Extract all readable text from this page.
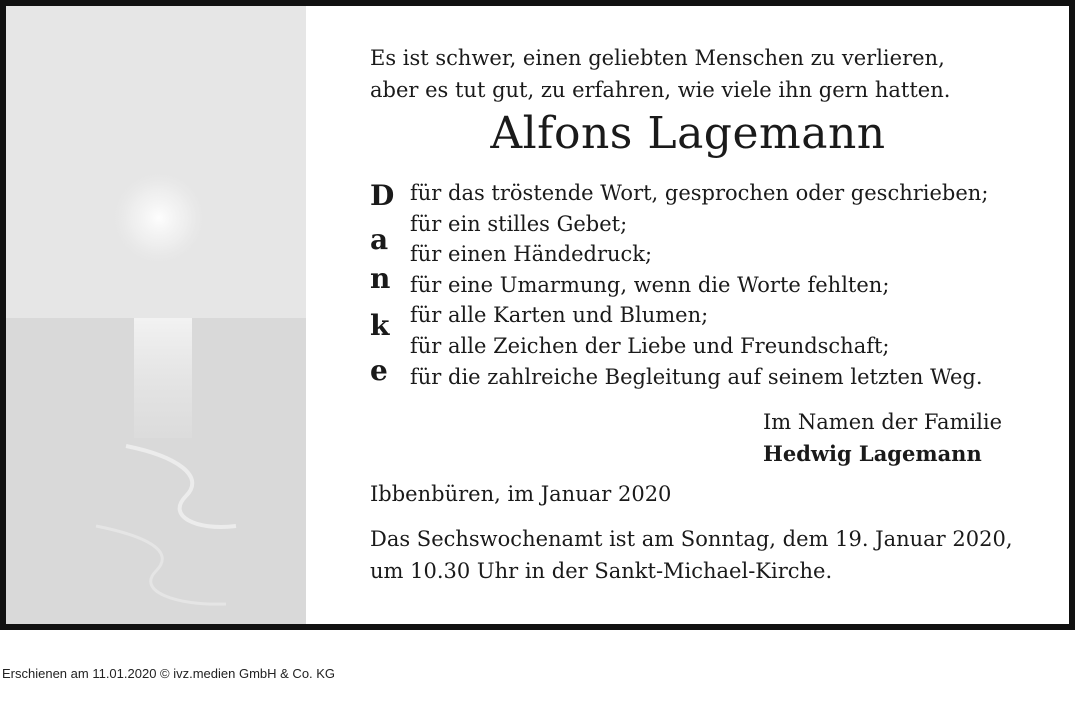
Es ist schwer, einen geliebten Menschen zu verlieren,
aber es tut gut, zu erfahren, wie viele ihn gern hatten.

Alfons Lagemann
D für das tröstende Wort, gesprochen oder geschrieben;
für ein stilles Gebet;
a für einen Händedruck;
n für eine Umarmung, wenn die Worte fehlten;
für alle Karten und Blumen;
k
für alle Zeichen der Liebe und Freundschaft;
e für die zahlreiche Begleitung auf seinem letzten Weg.
Im Namen der Familie
Hedwig Lagemann
Ibbenbüren, im Januar 2020
Das Sechswochenamt ist am Sonntag, dem 19. Januar 2020,
um 10.30 Uhr in der Sankt-Michael-Kirche.
Erschienen am 11.01.2020 © ivz.medien GmbH & Co. KG
